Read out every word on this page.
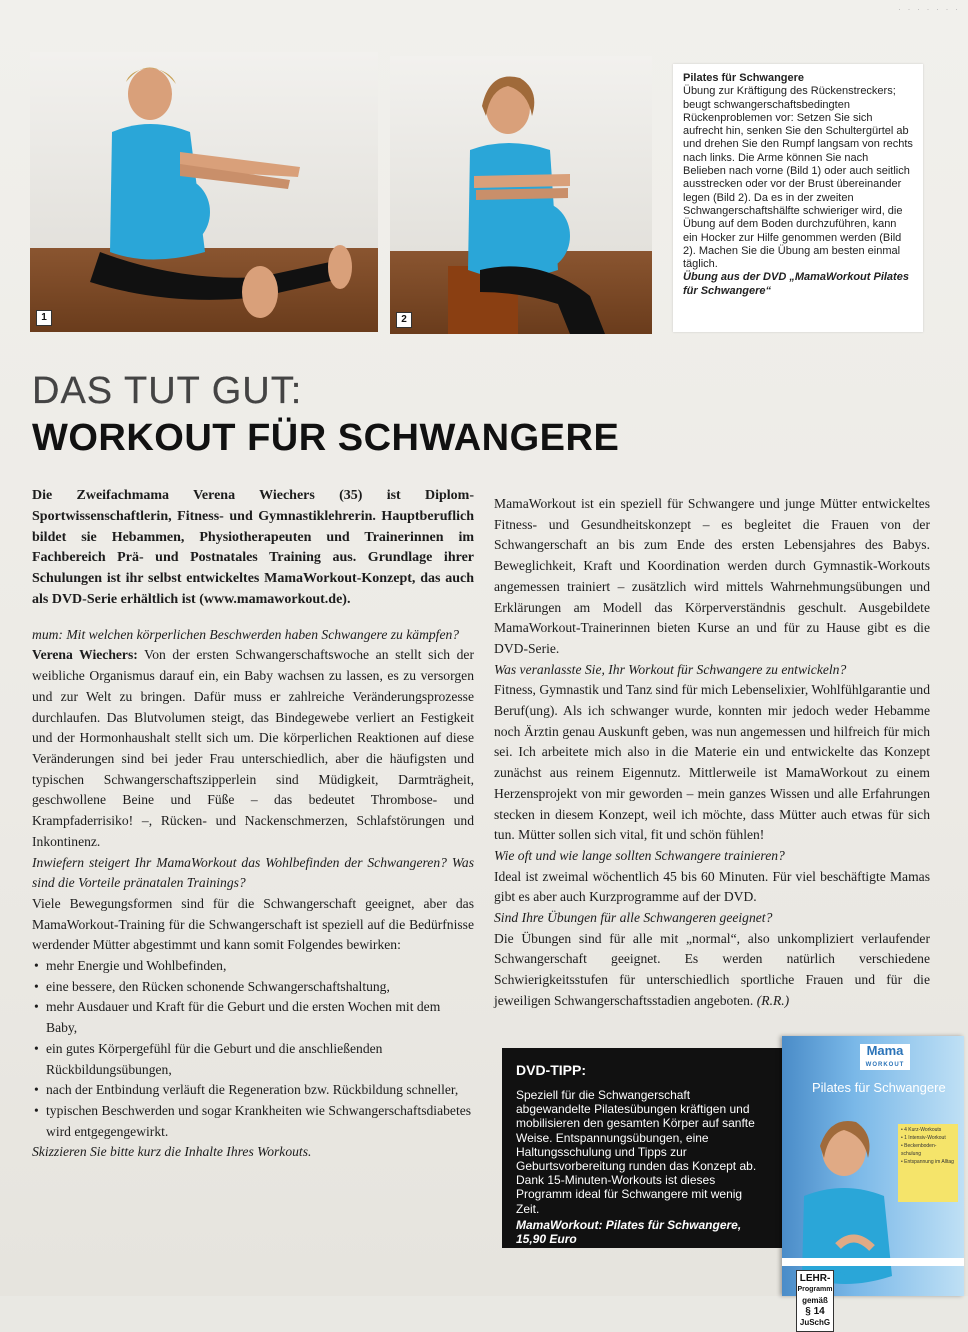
· · · · · · ·
1	2
Pilates für Schwangere
Übung zur Kräftigung des Rückenstreckers; beugt schwangerschaftsbedingten Rückenproblemen vor: Setzen Sie sich aufrecht hin, senken Sie den Schultergürtel ab und drehen Sie den Rumpf langsam von rechts nach links. Die Arme können Sie nach Belieben nach vorne (Bild 1) oder auch seitlich ausstrecken oder vor der Brust übereinander legen (Bild 2). Da es in der zweiten Schwangerschaftshälfte schwieriger wird, die Übung auf dem Boden durchzuführen, kann ein Hocker zur Hilfe genommen werden (Bild 2). Machen Sie die Übung am besten einmal täglich.
Übung aus der DVD „MamaWorkout Pilates für Schwangere“
DAS TUT GUT:
WORKOUT FÜR SCHWANGERE

Die Zweifachmama Verena Wiechers (35) ist Diplom-Sportwissenschaftlerin, Fitness- und Gymnastiklehrerin. Hauptberuflich bildet sie Hebammen, Physiotherapeuten und Trainerinnen im Fachbereich Prä- und Postnatales Training aus. Grundlage ihrer Schulungen ist ihr selbst entwickeltes MamaWorkout-Konzept, das auch als DVD-Serie erhältlich ist (www.mamaworkout.de).

mum: Mit welchen körperlichen Beschwerden haben Schwangere zu kämpfen?

Verena Wiechers: Von der ersten Schwangerschaftswoche an stellt sich der weibliche Organismus darauf ein, ein Baby wachsen zu lassen, es zu versorgen und zur Welt zu bringen. Dafür muss er zahlreiche Veränderungsprozesse durchlaufen. Das Blutvolumen steigt, das Bindegewebe verliert an Festigkeit und der Hormonhaushalt stellt sich um. Die körperlichen Reaktionen auf diese Veränderungen sind bei jeder Frau unterschiedlich, aber die häufigsten und typischen Schwangerschaftszipperlein sind Müdigkeit, Darmträgheit, geschwollene Beine und Füße – das bedeutet Thrombose- und Krampfaderrisiko! –, Rücken- und Nackenschmerzen, Schlafstörungen und Inkontinenz.

Inwiefern steigert Ihr MamaWorkout das Wohlbefinden der Schwangeren? Was sind die Vorteile pränatalen Trainings?

Viele Bewegungsformen sind für die Schwangerschaft geeignet, aber das MamaWorkout-Training für die Schwangerschaft ist speziell auf die Bedürfnisse werdender Mütter abgestimmt und kann somit Folgendes bewirken:

• mehr Energie und Wohlbefinden,
• eine bessere, den Rücken schonende Schwangerschaftshaltung,
• mehr Ausdauer und Kraft für die Geburt und die ersten Wochen mit dem Baby,
• ein gutes Körpergefühl für die Geburt und die anschließenden Rückbildungsübungen,
• nach der Entbindung verläuft die Regeneration bzw. Rückbildung schneller,
• typischen Beschwerden und sogar Krankheiten wie Schwangerschaftsdiabetes wird entgegengewirkt.

Skizzieren Sie bitte kurz die Inhalte Ihres Workouts.

MamaWorkout ist ein speziell für Schwangere und junge Mütter entwickeltes Fitness- und Gesundheitskonzept – es begleitet die Frauen von der Schwangerschaft an bis zum Ende des ersten Lebensjahres des Babys. Beweglichkeit, Kraft und Koordination werden durch Gymnastik-Workouts angemessen trainiert – zusätzlich wird mittels Wahrnehmungsübungen und Erklärungen am Modell das Körperverständnis geschult. Ausgebildete MamaWorkout-Trainerinnen bieten Kurse an und für zu Hause gibt es die DVD-Serie.

Was veranlasste Sie, Ihr Workout für Schwangere zu entwickeln?

Fitness, Gymnastik und Tanz sind für mich Lebenselixier, Wohlfühlgarantie und Beruf(ung). Als ich schwanger wurde, konnten mir jedoch weder Hebamme noch Ärztin genau Auskunft geben, was nun angemessen und hilfreich für mich sei. Ich arbeitete mich also in die Materie ein und entwickelte das Konzept zunächst aus reinem Eigennutz. Mittlerweile ist MamaWorkout zu einem Herzensprojekt von mir geworden – mein ganzes Wissen und alle Erfahrungen stecken in diesem Konzept, weil ich möchte, dass Mütter auch etwas für sich tun. Mütter sollen sich vital, fit und schön fühlen!

Wie oft und wie lange sollten Schwangere trainieren?

Ideal ist zweimal wöchentlich 45 bis 60 Minuten. Für viel beschäftigte Mamas gibt es aber auch Kurzprogramme auf der DVD.

Sind Ihre Übungen für alle Schwangeren geeignet?

Die Übungen sind für alle mit „normal“, also unkompliziert verlaufender Schwangerschaft geeignet. Es werden natürlich verschiedene Schwierigkeitsstufen für unterschiedlich sportliche Frauen und für die jeweiligen Schwangerschaftsstadien angeboten. (R.R.)

DVD-TIPP:
Speziell für die Schwangerschaft abgewandelte Pilatesübungen kräftigen und mobilisieren den gesamten Körper auf sanfte Weise. Entspannungsübungen, eine Haltungsschulung und Tipps zur Geburtsvorbereitung runden das Konzept ab. Dank 15-Minuten-Workouts ist dieses Programm ideal für Schwangere mit wenig Zeit.
MamaWorkout: Pilates für Schwangere,
15,90 Euro
Mama
WORKOUT
Pilates für Schwangere
• 4 Kurz-Workouts
• 1 Intensiv-Workout
• Beckenboden-schulung
• Entspannung im Alltag
LEHR-
Programm
gemäß
§ 14
JuSchG
